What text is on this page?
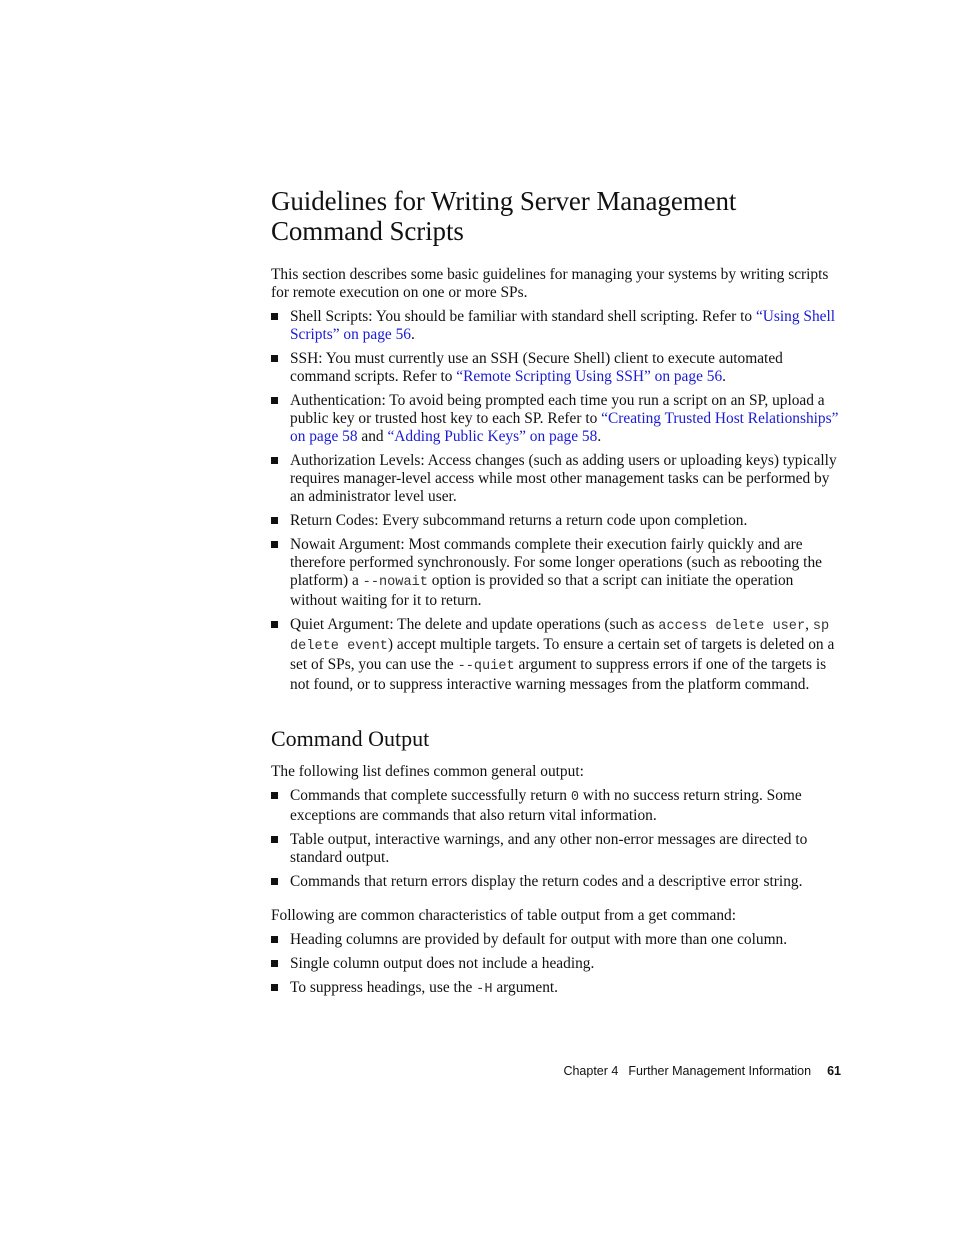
Guidelines for Writing Server Management Command Scripts

This section describes some basic guidelines for managing your systems by writing scripts for remote execution on one or more SPs.

Shell Scripts: You should be familiar with standard shell scripting. Refer to “Using Shell Scripts” on page 56.
SSH: You must currently use an SSH (Secure Shell) client to execute automated command scripts. Refer to “Remote Scripting Using SSH” on page 56.
Authentication: To avoid being prompted each time you run a script on an SP, upload a public key or trusted host key to each SP. Refer to “Creating Trusted Host Relationships” on page 58 and “Adding Public Keys” on page 58.
Authorization Levels: Access changes (such as adding users or uploading keys) typically requires manager-level access while most other management tasks can be performed by an administrator level user.
Return Codes: Every subcommand returns a return code upon completion.
Nowait Argument: Most commands complete their execution fairly quickly and are therefore performed synchronously. For some longer operations (such as rebooting the platform) a --nowait option is provided so that a script can initiate the operation without waiting for it to return.
Quiet Argument: The delete and update operations (such as access delete user, sp delete event) accept multiple targets. To ensure a certain set of targets is deleted on a set of SPs, you can use the --quiet argument to suppress errors if one of the targets is not found, or to suppress interactive warning messages from the platform command.
Command Output

The following list defines common general output:

Commands that complete successfully return 0 with no success return string. Some exceptions are commands that also return vital information.
Table output, interactive warnings, and any other non-error messages are directed to standard output.
Commands that return errors display the return codes and a descriptive error string.

Following are common characteristics of table output from a get command:

Heading columns are provided by default for output with more than one column.
Single column output does not include a heading.
To suppress headings, use the -H argument.
Chapter 4 Further Management Information 61
